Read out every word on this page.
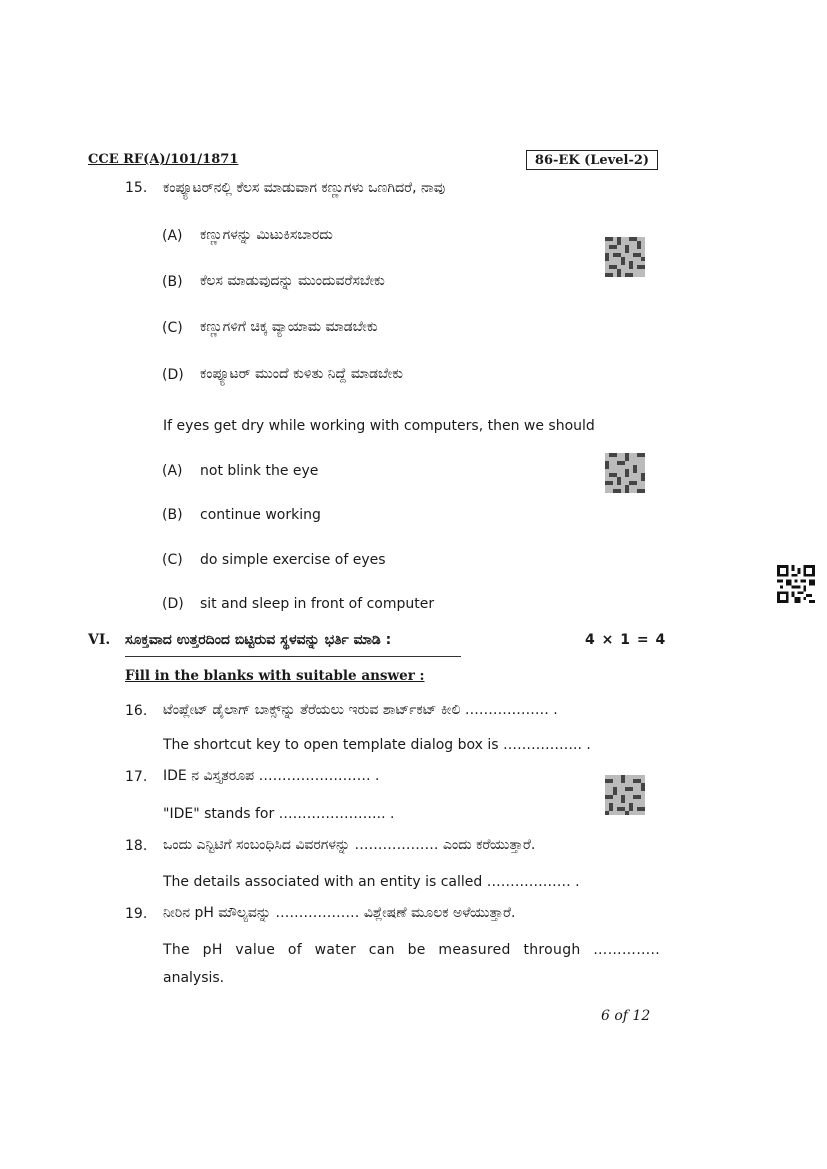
CCE RF(A)/101/1871	86-EK (Level-2)
15. ಕಂಪ್ಯೂಟರ್‌ನಲ್ಲಿ ಕೆಲಸ ಮಾಡುವಾಗ ಕಣ್ಣುಗಳು ಒಣಗಿದರೆ, ನಾವು
(A) ಕಣ್ಣುಗಳನ್ನು ಮಿಟುಕಿಸಬಾರದು
(B) ಕೆಲಸ ಮಾಡುವುದನ್ನು ಮುಂದುವರೆಸಬೇಕು
(C) ಕಣ್ಣುಗಳಿಗೆ ಚಿಕ್ಕ ವ್ಯಾಯಾಮ ಮಾಡಬೇಕು
(D) ಕಂಪ್ಯೂಟರ್ ಮುಂದೆ ಕುಳಿತು ನಿದ್ದೆ ಮಾಡಬೇಕು
If eyes get dry while working with computers, then we should
(A) not blink the eye
(B) continue working
(C) do simple exercise of eyes
(D) sit and sleep in front of computer
VI. ಸೂಕ್ತವಾದ ಉತ್ತರದಿಂದ ಬಿಟ್ಟಿರುವ ಸ್ಥಳವನ್ನು ಭರ್ತಿ ಮಾಡಿ :	4 × 1 = 4
Fill in the blanks with suitable answer :
16. ಟೆಂಪ್ಲೇಟ್ ಡೈಲಾಗ್ ಬಾಕ್ಸ್‌ನ್ನು ತೆರೆಯಲು ಇರುವ ಶಾರ್ಟ್‌ಕಟ್ ಕೀಲಿ ……………… .
The shortcut key to open template dialog box is …………….. .
17. IDE ನ ವಿಸ್ತೃತರೂಪ …………………… .
"IDE" stands for ………………….. .
18. ಒಂದು ಎನ್ಟಿಟಿಗೆ ಸಂಬಂಧಿಸಿದ ವಿವರಗಳನ್ನು ……………… ಎಂದು ಕರೆಯುತ್ತಾರೆ.
The details associated with an entity is called ……………… .
19. ನೀರಿನ pH ಮೌಲ್ಯವನ್ನು ……………… ವಿಶ್ಲೇಷಣೆ ಮೂಲಕ ಅಳೆಯುತ್ತಾರೆ.
The pH value of water can be measured through …………..
analysis.
6 of 12
